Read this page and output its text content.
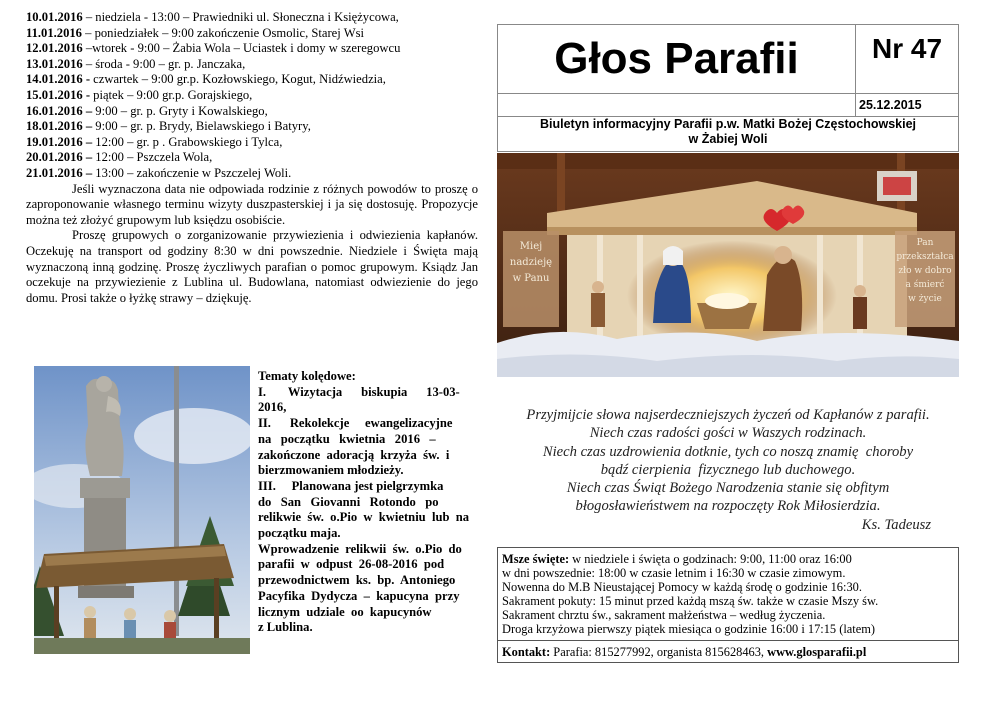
10.01.2016 – niedziela - 13:00 – Prawiedniki ul. Słoneczna i Księżycowa,
11.01.2016 – poniedziałek – 9:00 zakończenie Osmolic, Starej Wsi
12.01.2016 –wtorek - 9:00 – Żabia Wola – Uciastek i domy w szeregowcu
13.01.2016 – środa - 9:00 – gr. p. Janczaka,
14.01.2016 - czwartek – 9:00 gr.p. Kozłowskiego, Kogut, Nidźwiedzia,
15.01.2016 - piątek – 9:00 gr.p. Gorajskiego,
16.01.2016 – 9:00 – gr. p. Gryty i Kowalskiego,
18.01.2016 – 9:00 – gr. p. Brydy, Bielawskiego i Batyry,
19.01.2016 – 12:00 – gr. p . Grabowskiego i Tylca,
20.01.2016 – 12:00 – Pszczela Wola,
21.01.2016 – 13:00 – zakończenie w Pszczelej Woli.
Jeśli wyznaczona data nie odpowiada rodzinie z różnych powodów to proszę o zaproponowanie własnego terminu wizyty duszpasterskiej i ja się dostosuję. Propozycje można też złożyć grupowym lub księdzu osobiście.
Proszę grupowych o zorganizowanie przywiezienia i odwiezienia kapłanów. Oczekuję na transport od godziny 8:30 w dni powszednie. Niedziele i Święta mają wyznaczoną inną godzinę. Proszę życzliwych parafian o pomoc grupowym. Ksiądz Jan oczekuje na przywiezienie z Lublina ul. Budowlana, natomiast odwiezienie do jego domu. Prosi także o łyżkę strawy – dziękuję.
Tematy kolędowe:
I.       Wizytacja      biskupia      13-03-
2016,
II.      Rekolekcje     ewangelizacyjne
na   początku   kwietnia   2016   –
zakończone  adoracją  krzyża  św.  i
bierzmowaniem młodzieży.
III.     Planowana jest pielgrzymka
do   San   Giovanni   Rotondo   po
relikwie  św.  o.Pio  w  kwietniu  lub  na
początku maja.
Wprowadzenie  relikwii  św.  o.Pio  do
parafii  w  odpust  26-08-2016  pod
przewodnictwem  ks.  bp.  Antoniego
Pacyfika  Dydycza  –  kapucyna  przy
licznym  udziale  oo  kapucynów
z Lublina.
Głos Parafii	Nr 47
25.12.2015
Biuletyn informacyjny Parafii p.w. Matki Bożej Częstochowskiej
w Żabiej Woli
Miej
nadzieję
w Panu
Pan
przekształca
zło w dobro
a śmierć
w życie
Przyjmijcie słowa najserdeczniejszych życzeń od Kapłanów z parafii.
Niech czas radości gości w Waszych rodzinach.
Niech czas uzdrowienia dotknie, tych co noszą znamię  choroby
bądź cierpienia  fizycznego lub duchowego.
Niech czas Świąt Bożego Narodzenia stanie się obfitym
błogosławieństwem na rozpoczęty Rok Miłosierdzia.
Ks. Tadeusz
Msze święte: w niedziele i święta o godzinach: 9:00, 11:00 oraz 16:00
w dni powszednie: 18:00 w czasie letnim i 16:30 w czasie zimowym.
Nowenna do M.B Nieustającej Pomocy w każdą środę o godzinie 16:30.
Sakrament pokuty: 15 minut przed każdą mszą św. także w czasie Mszy św.
Sakrament chrztu św., sakrament małżeństwa – według życzenia.
Droga krzyżowa pierwszy piątek miesiąca o godzinie 16:00 i 17:15 (latem)
Kontakt: Parafia: 815277992, organista 815628463, www.glosparafii.pl
